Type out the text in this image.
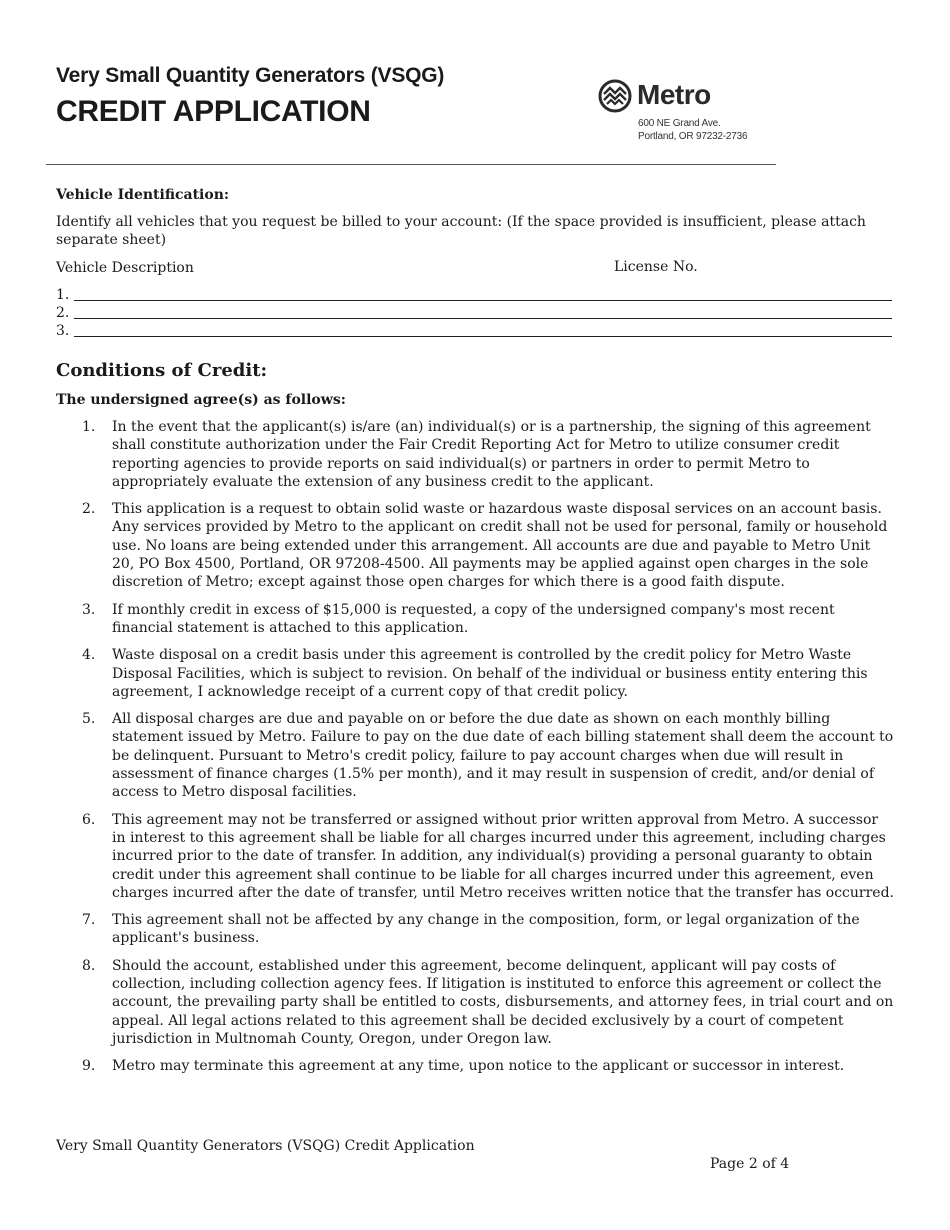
Very Small Quantity Generators (VSQG)
CREDIT APPLICATION
Metro
600 NE Grand Ave.
Portland, OR 97232-2736
Vehicle Identification:
Identify all vehicles that you request be billed to your account: (If the space provided is insufficient, please attach separate sheet)
Vehicle Description	License No.
1.
2.
3.
Conditions of Credit:
The undersigned agree(s) as follows:
1. In the event that the applicant(s) is/are (an) individual(s) or is a partnership, the signing of this agreement shall constitute authorization under the Fair Credit Reporting Act for Metro to utilize consumer credit reporting agencies to provide reports on said individual(s) or partners in order to permit Metro to appropriately evaluate the extension of any business credit to the applicant.
2. This application is a request to obtain solid waste or hazardous waste disposal services on an account basis. Any services provided by Metro to the applicant on credit shall not be used for personal, family or household use. No loans are being extended under this arrangement. All accounts are due and payable to Metro Unit 20, PO Box 4500, Portland, OR 97208-4500. All payments may be applied against open charges in the sole discretion of Metro; except against those open charges for which there is a good faith dispute.
3. If monthly credit in excess of $15,000 is requested, a copy of the undersigned company's most recent financial statement is attached to this application.
4. Waste disposal on a credit basis under this agreement is controlled by the credit policy for Metro Waste Disposal Facilities, which is subject to revision. On behalf of the individual or business entity entering this agreement, I acknowledge receipt of a current copy of that credit policy.
5. All disposal charges are due and payable on or before the due date as shown on each monthly billing statement issued by Metro. Failure to pay on the due date of each billing statement shall deem the account to be delinquent. Pursuant to Metro's credit policy, failure to pay account charges when due will result in assessment of finance charges (1.5% per month), and it may result in suspension of credit, and/or denial of access to Metro disposal facilities.
6. This agreement may not be transferred or assigned without prior written approval from Metro. A successor in interest to this agreement shall be liable for all charges incurred under this agreement, including charges incurred prior to the date of transfer. In addition, any individual(s) providing a personal guaranty to obtain credit under this agreement shall continue to be liable for all charges incurred under this agreement, even charges incurred after the date of transfer, until Metro receives written notice that the transfer has occurred.
7. This agreement shall not be affected by any change in the composition, form, or legal organization of the applicant's business.
8. Should the account, established under this agreement, become delinquent, applicant will pay costs of collection, including collection agency fees. If litigation is instituted to enforce this agreement or collect the account, the prevailing party shall be entitled to costs, disbursements, and attorney fees, in trial court and on appeal. All legal actions related to this agreement shall be decided exclusively by a court of competent jurisdiction in Multnomah County, Oregon, under Oregon law.
9. Metro may terminate this agreement at any time, upon notice to the applicant or successor in interest.
Very Small Quantity Generators (VSQG) Credit Application
Page 2 of 4
